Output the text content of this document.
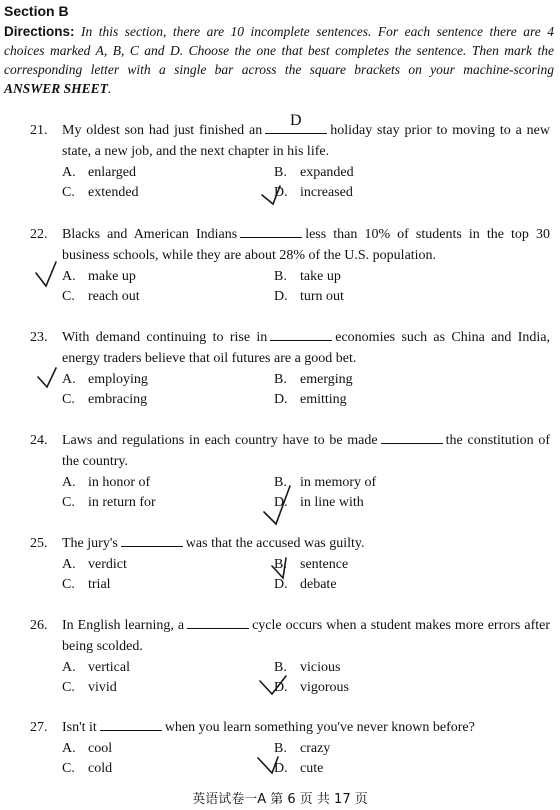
Section B
Directions: In this section, there are 10 incomplete sentences. For each sentence there are 4 choices marked A, B, C and D. Choose the one that best completes the sentence. Then mark the corresponding letter with a single bar across the square brackets on your machine-scoring ANSWER SHEET.
21. My oldest son had just finished an	holiday stay prior to moving to a new state, a new job, and the next chapter in his life.
A. enlarged	B. expanded
C. extended	D. increased
22. Blacks and American Indians	less than 10% of students in the top 30 business schools, while they are about 28% of the U.S. population.
A. make up	B. take up
C. reach out	D. turn out
23. With demand continuing to rise in	economies such as China and India, energy traders believe that oil futures are a good bet.
A. employing	B. emerging
C. embracing	D. emitting
24. Laws and regulations in each country have to be made	the constitution of the country.
A. in honor of	B. in memory of
C. in return for	D. in line with
25. The jury's	was that the accused was guilty.
A. verdict	B. sentence
C. trial	D. debate
26. In English learning, a	cycle occurs when a student makes more errors after being scolded.
A. vertical	B. vicious
C. vivid	D. vigorous
27. Isn't it	when you learn something you've never known before?
A. cool	B. crazy
C. cold	D. cute
D
英语试卷一A 第 6 页 共 17 页
